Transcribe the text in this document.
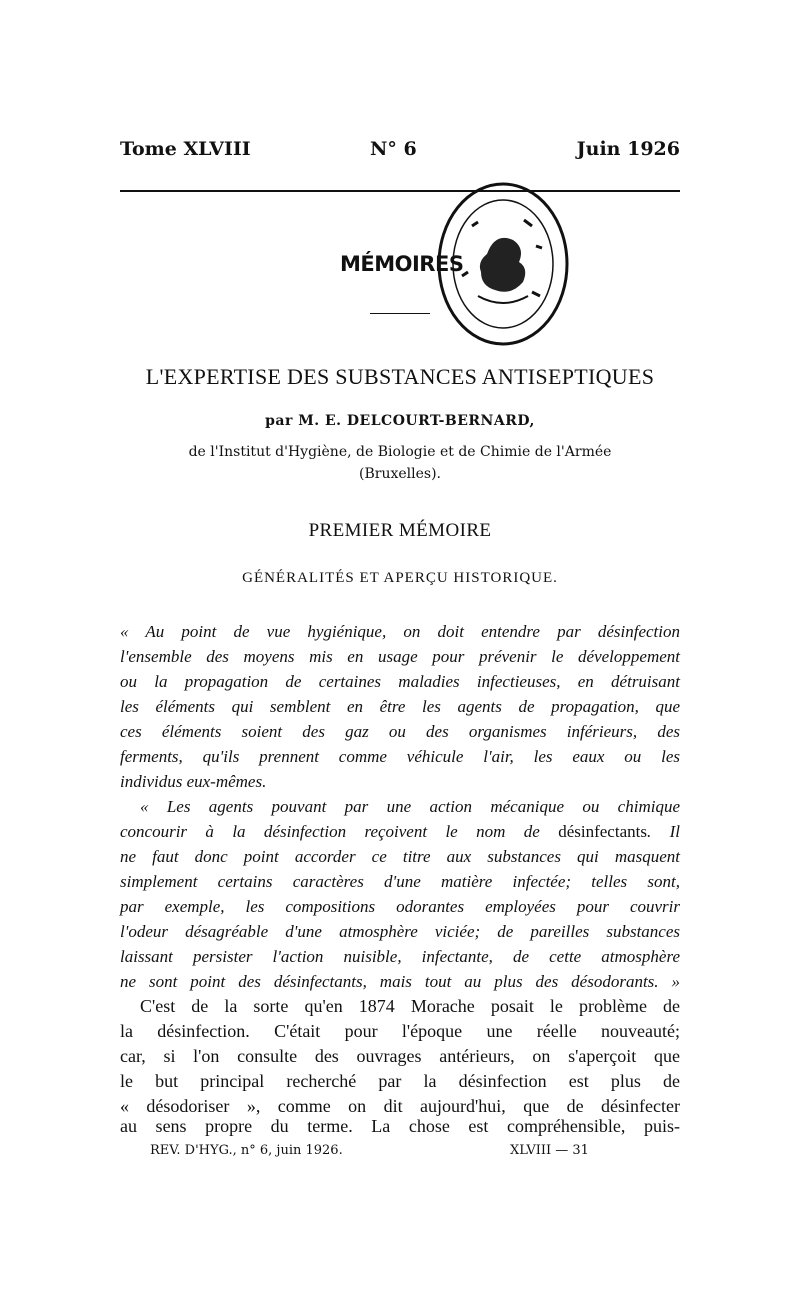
Tome XLVIII	N° 6	Juin 1926
MÉMOIRES
L'EXPERTISE DES SUBSTANCES ANTISEPTIQUES
par M. E. DELCOURT-BERNARD,
de l'Institut d'Hygiène, de Biologie et de Chimie de l'Armée
(Bruxelles).
PREMIER MÉMOIRE
GÉNÉRALITÉS ET APERÇU HISTORIQUE.
« Au point de vue hygiénique, on doit entendre par désinfection
l'ensemble des moyens mis en usage pour prévenir le développement
ou la propagation de certaines maladies infectieuses, en détruisant
les éléments qui semblent en être les agents de propagation, que
ces éléments soient des gaz ou des organismes inférieurs, des
ferments, qu'ils prennent comme véhicule l'air, les eaux ou les
individus eux-mêmes.
« Les agents pouvant par une action mécanique ou chimique
concourir à la désinfection reçoivent le nom de désinfectants. Il
ne faut donc point accorder ce titre aux substances qui masquent
simplement certains caractères d'une matière infectée; telles sont,
par exemple, les compositions odorantes employées pour couvrir
l'odeur désagréable d'une atmosphère viciée; de pareilles substances
laissant persister l'action nuisible, infectante, de cette atmosphère
ne sont point des désinfectants, mais tout au plus des désodorants. »
C'est de la sorte qu'en 1874 Morache posait le problème de
la désinfection. C'était pour l'époque une réelle nouveauté;
car, si l'on consulte des ouvrages antérieurs, on s'aperçoit que
le but principal recherché par la désinfection est plus de
« désodoriser », comme on dit aujourd'hui, que de désinfecter
au sens propre du terme. La chose est compréhensible, puis-
REV. D'HYG., n° 6, juin 1926.	XLVIII — 31
